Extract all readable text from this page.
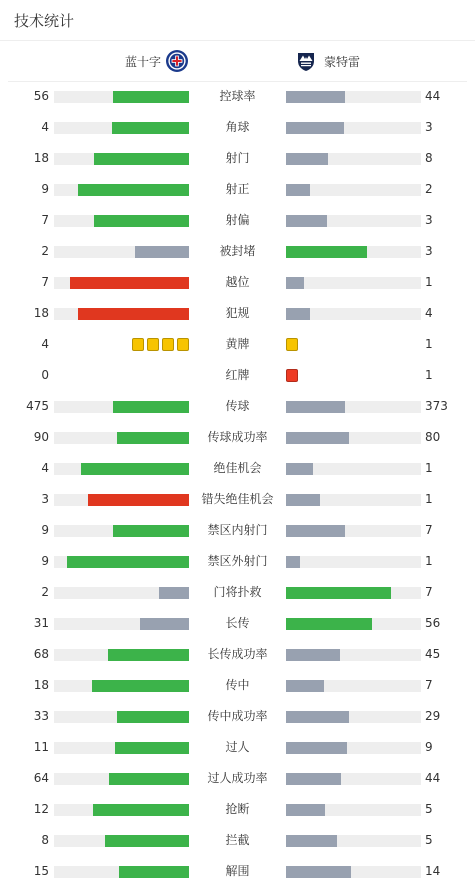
技术统计
蓝十字	蒙特雷
56	控球率	44
4	角球	3
18	射门	8
9	射正	2
7	射偏	3
2	被封堵	3
7	越位	1
18	犯规	4
4	黄牌	1
0	红牌	1
475	传球	373
90	传球成功率	80
4	绝佳机会	1
3	错失绝佳机会	1
9	禁区内射门	7
9	禁区外射门	1
2	门将扑救	7
31	长传	56
68	长传成功率	45
18	传中	7
33	传中成功率	29
11	过人	9
64	过人成功率	44
12	抢断	5
8	拦截	5
15	解围	14
